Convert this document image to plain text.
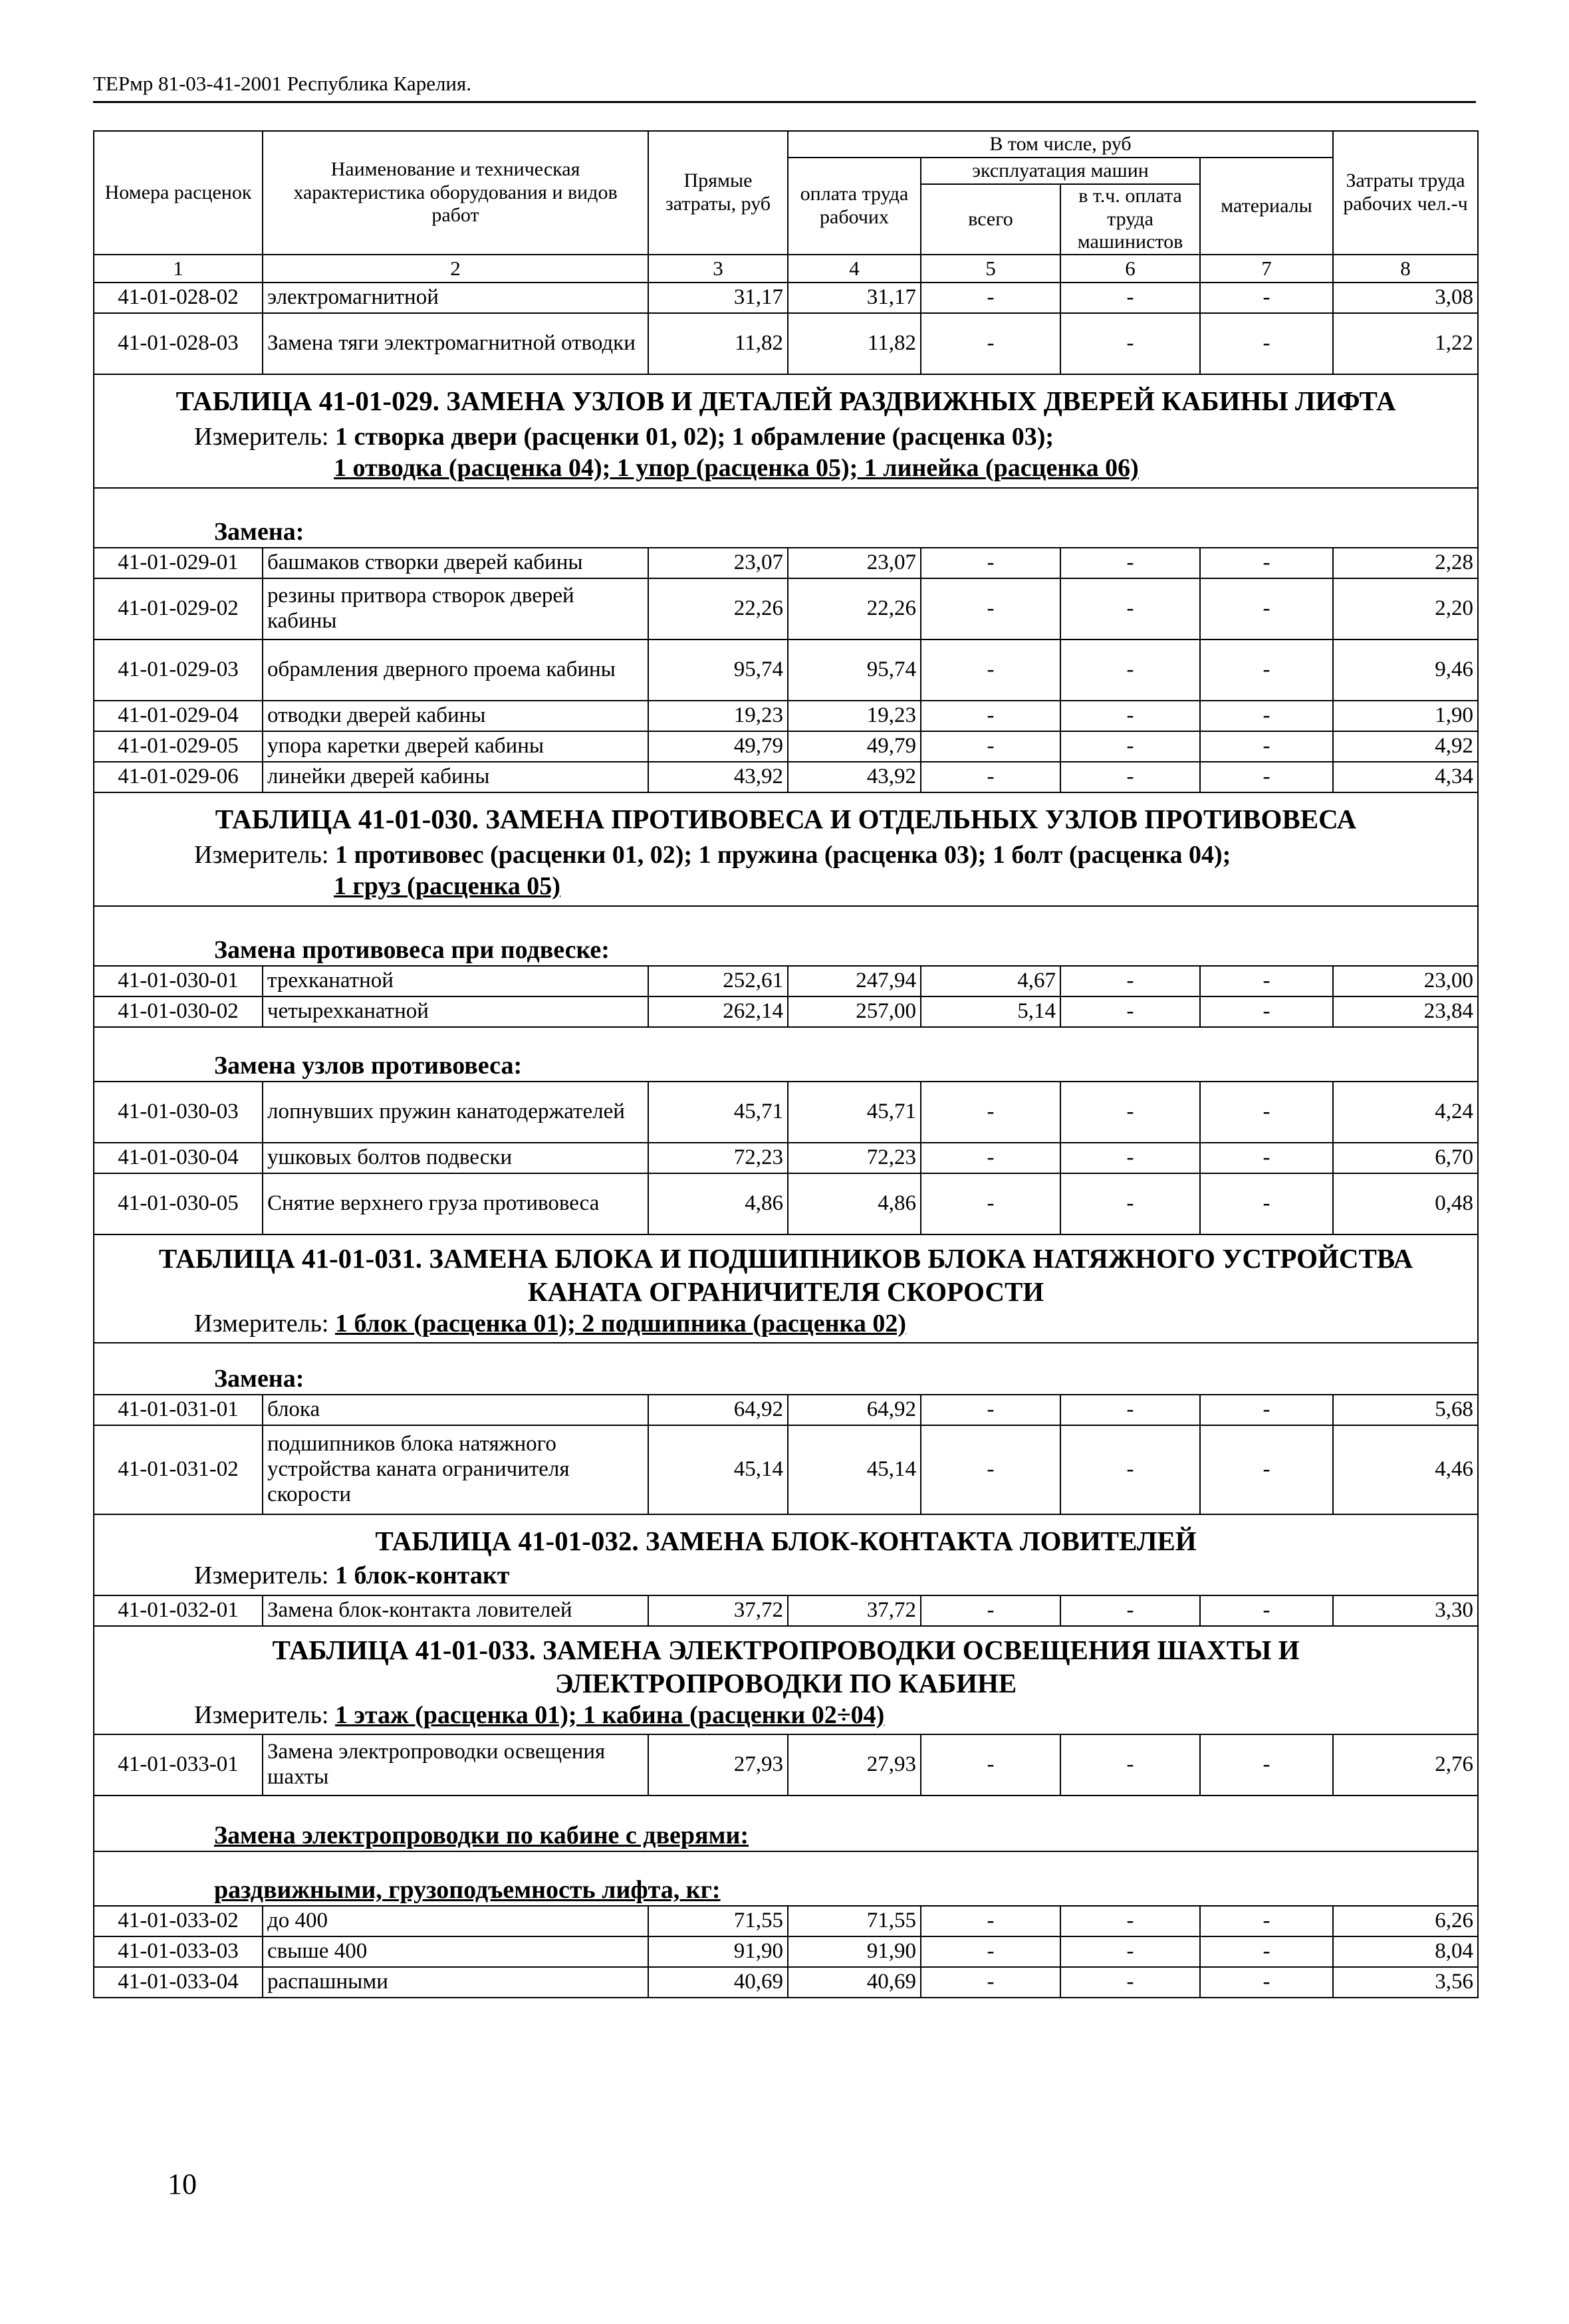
ТЕРмр 81-03-41-2001 Республика Карелия.
Номера расценок	Наименование и техническая характеристика оборудования и видов работ	Прямые затраты, руб	В том числе, руб				Затраты труда рабочих чел.-ч
			оплата труда рабочих	эксплуатация машин		материалы	
				всего	в т.ч. оплата труда машинистов		
1	2	3	4	5	6	7	8
41-01-028-02	электромагнитной	31,17	31,17	-	-	-	3,08
41-01-028-03	Замена тяги электромагнитной отводки	11,82	11,82	-	-	-	1,22
ТАБЛИЦА 41-01-029. ЗАМЕНА УЗЛОВ И ДЕТАЛЕЙ РАЗДВИЖНЫХ ДВЕРЕЙ КАБИНЫ ЛИФТА							
Измеритель: 1 створка двери (расценки 01, 02); 1 обрамление (расценка 03);
1 отводка (расценка 04); 1 упор (расценка 05); 1 линейка (расценка 06)							
Замена:							
41-01-029-01	башмаков створки дверей кабины	23,07	23,07	-	-	-	2,28
41-01-029-02	резины притвора створок дверей кабины	22,26	22,26	-	-	-	2,20
41-01-029-03	обрамления дверного проема кабины	95,74	95,74	-	-	-	9,46
41-01-029-04	отводки дверей кабины	19,23	19,23	-	-	-	1,90
41-01-029-05	упора каретки дверей кабины	49,79	49,79	-	-	-	4,92
41-01-029-06	линейки дверей кабины	43,92	43,92	-	-	-	4,34
ТАБЛИЦА 41-01-030. ЗАМЕНА ПРОТИВОВЕСА И ОТДЕЛЬНЫХ УЗЛОВ ПРОТИВОВЕСА							
Измеритель: 1 противовес (расценки 01, 02); 1 пружина (расценка 03); 1 болт (расценка 04);
1 груз (расценка 05)							
Замена противовеса при подвеске:							
41-01-030-01	трехканатной	252,61	247,94	4,67	-	-	23,00
41-01-030-02	четырехканатной	262,14	257,00	5,14	-	-	23,84
Замена узлов противовеса:							
41-01-030-03	лопнувших пружин канатодержателей	45,71	45,71	-	-	-	4,24
41-01-030-04	ушковых болтов подвески	72,23	72,23	-	-	-	6,70
41-01-030-05	Снятие верхнего груза противовеса	4,86	4,86	-	-	-	0,48
ТАБЛИЦА 41-01-031. ЗАМЕНА БЛОКА И ПОДШИПНИКОВ БЛОКА НАТЯЖНОГО УСТРОЙСТВА
КАНАТА ОГРАНИЧИТЕЛЯ СКОРОСТИ							
Измеритель: 1 блок (расценка 01); 2 подшипника (расценка 02)							
Замена:							
41-01-031-01	блока	64,92	64,92	-	-	-	5,68
41-01-031-02	подшипников блока натяжного устройства каната ограничителя скорости	45,14	45,14	-	-	-	4,46
ТАБЛИЦА 41-01-032. ЗАМЕНА БЛОК-КОНТАКТА ЛОВИТЕЛЕЙ							
Измеритель: 1 блок-контакт							
41-01-032-01	Замена блок-контакта ловителей	37,72	37,72	-	-	-	3,30
ТАБЛИЦА 41-01-033. ЗАМЕНА ЭЛЕКТРОПРОВОДКИ ОСВЕЩЕНИЯ ШАХТЫ И
ЭЛЕКТРОПРОВОДКИ ПО КАБИНЕ							
Измеритель: 1 этаж (расценка 01); 1 кабина (расценки 02÷04)							
41-01-033-01	Замена электропроводки освещения шахты	27,93	27,93	-	-	-	2,76
Замена электропроводки по кабине с дверями:							
раздвижными, грузоподъемность лифта, кг:							
41-01-033-02	до 400	71,55	71,55	-	-	-	6,26
41-01-033-03	свыше 400	91,90	91,90	-	-	-	8,04
41-01-033-04	распашными	40,69	40,69	-	-	-	3,56
10
